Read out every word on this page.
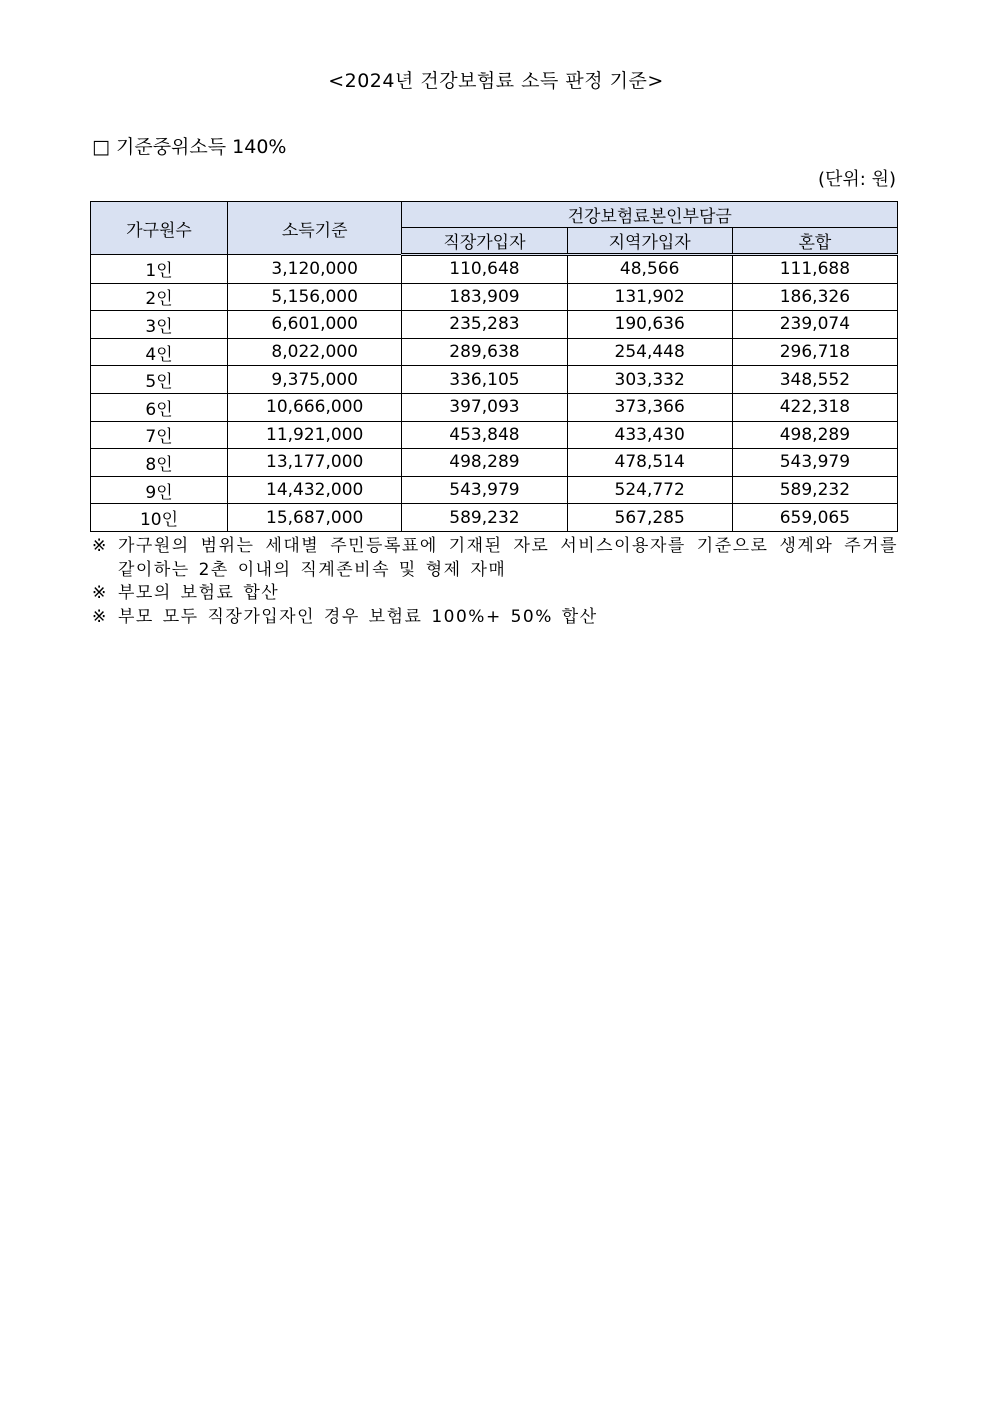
<2024년 건강보험료 소득 판정 기준>
□ 기준중위소득 140%
(단위: 원)
가구원수	소득기준	건강보험료본인부담금		
		직장가입자	지역가입자	혼합
1인	3,120,000	110,648	48,566	111,688
2인	5,156,000	183,909	131,902	186,326
3인	6,601,000	235,283	190,636	239,074
4인	8,022,000	289,638	254,448	296,718
5인	9,375,000	336,105	303,332	348,552
6인	10,666,000	397,093	373,366	422,318
7인	11,921,000	453,848	433,430	498,289
8인	13,177,000	498,289	478,514	543,979
9인	14,432,000	543,979	524,772	589,232
10인	15,687,000	589,232	567,285	659,065
※ 가구원의 범위는 세대별 주민등록표에 기재된 자로 서비스이용자를 기준으로 생계와 주거를 같이하는 2촌 이내의 직계존비속 및 형제 자매
※ 부모의 보험료 합산
※ 부모 모두 직장가입자인 경우 보험료 100%+ 50% 합산
